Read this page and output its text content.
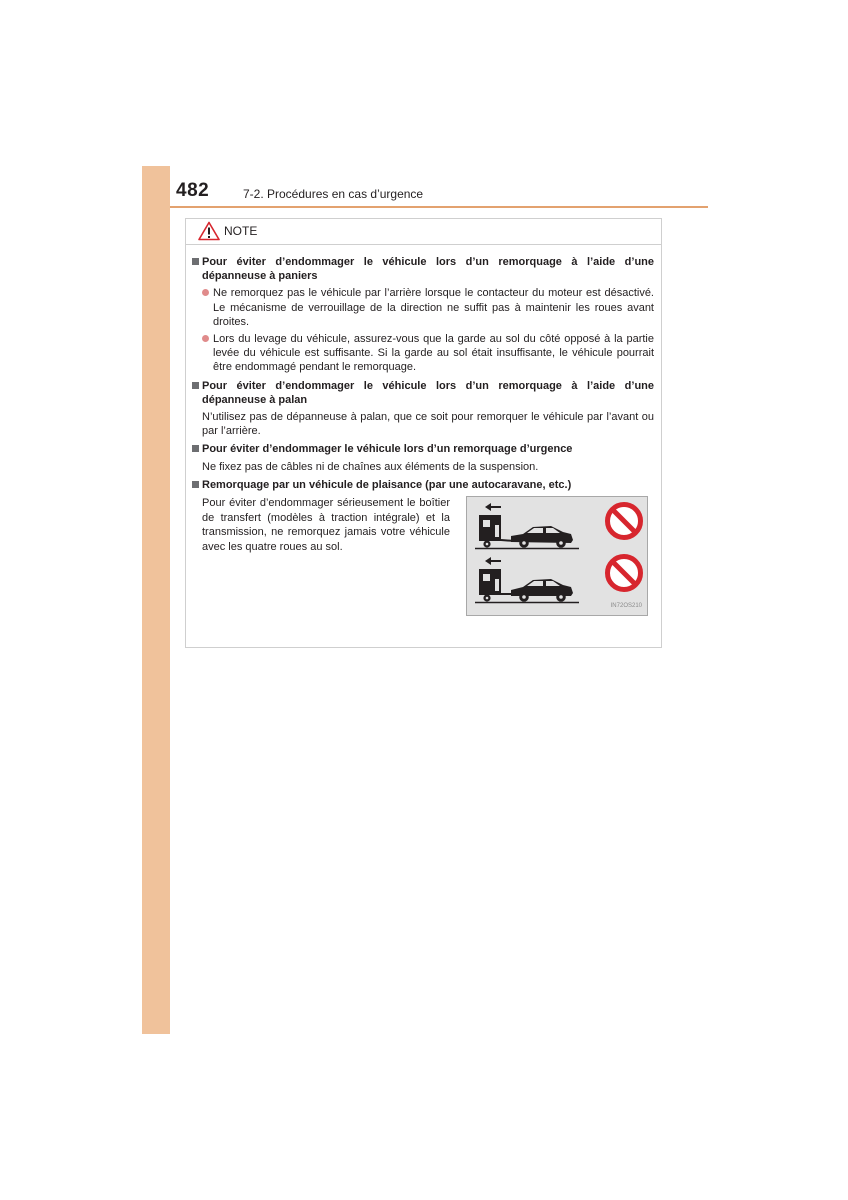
482	7-2. Procédures en cas d’urgence
NOTE
Pour éviter d’endommager le véhicule lors d’un remorquage à l’aide d’une dépanneuse à paniers
Ne remorquez pas le véhicule par l’arrière lorsque le contacteur du moteur est désactivé. Le mécanisme de verrouillage de la direction ne suffit pas à maintenir les roues avant droites.
Lors du levage du véhicule, assurez-vous que la garde au sol du côté opposé à la partie levée du véhicule est suffisante. Si la garde au sol était insuffisante, le véhicule pourrait être endommagé pendant le remorquage.
Pour éviter d’endommager le véhicule lors d’un remorquage à l’aide d’une dépanneuse à palan
N’utilisez pas de dépanneuse à palan, que ce soit pour remorquer le véhicule par l’avant ou par l’arrière.
Pour éviter d’endommager le véhicule lors d’un remorquage d’urgence
Ne fixez pas de câbles ni de chaînes aux éléments de la suspension.
Remorquage par un véhicule de plaisance (par une autocaravane, etc.)
Pour éviter d’endommager sérieusement le boîtier de transfert (modèles à traction intégrale) et la transmission, ne remorquez jamais votre véhicule avec les quatre roues au sol.
IN72OS210
